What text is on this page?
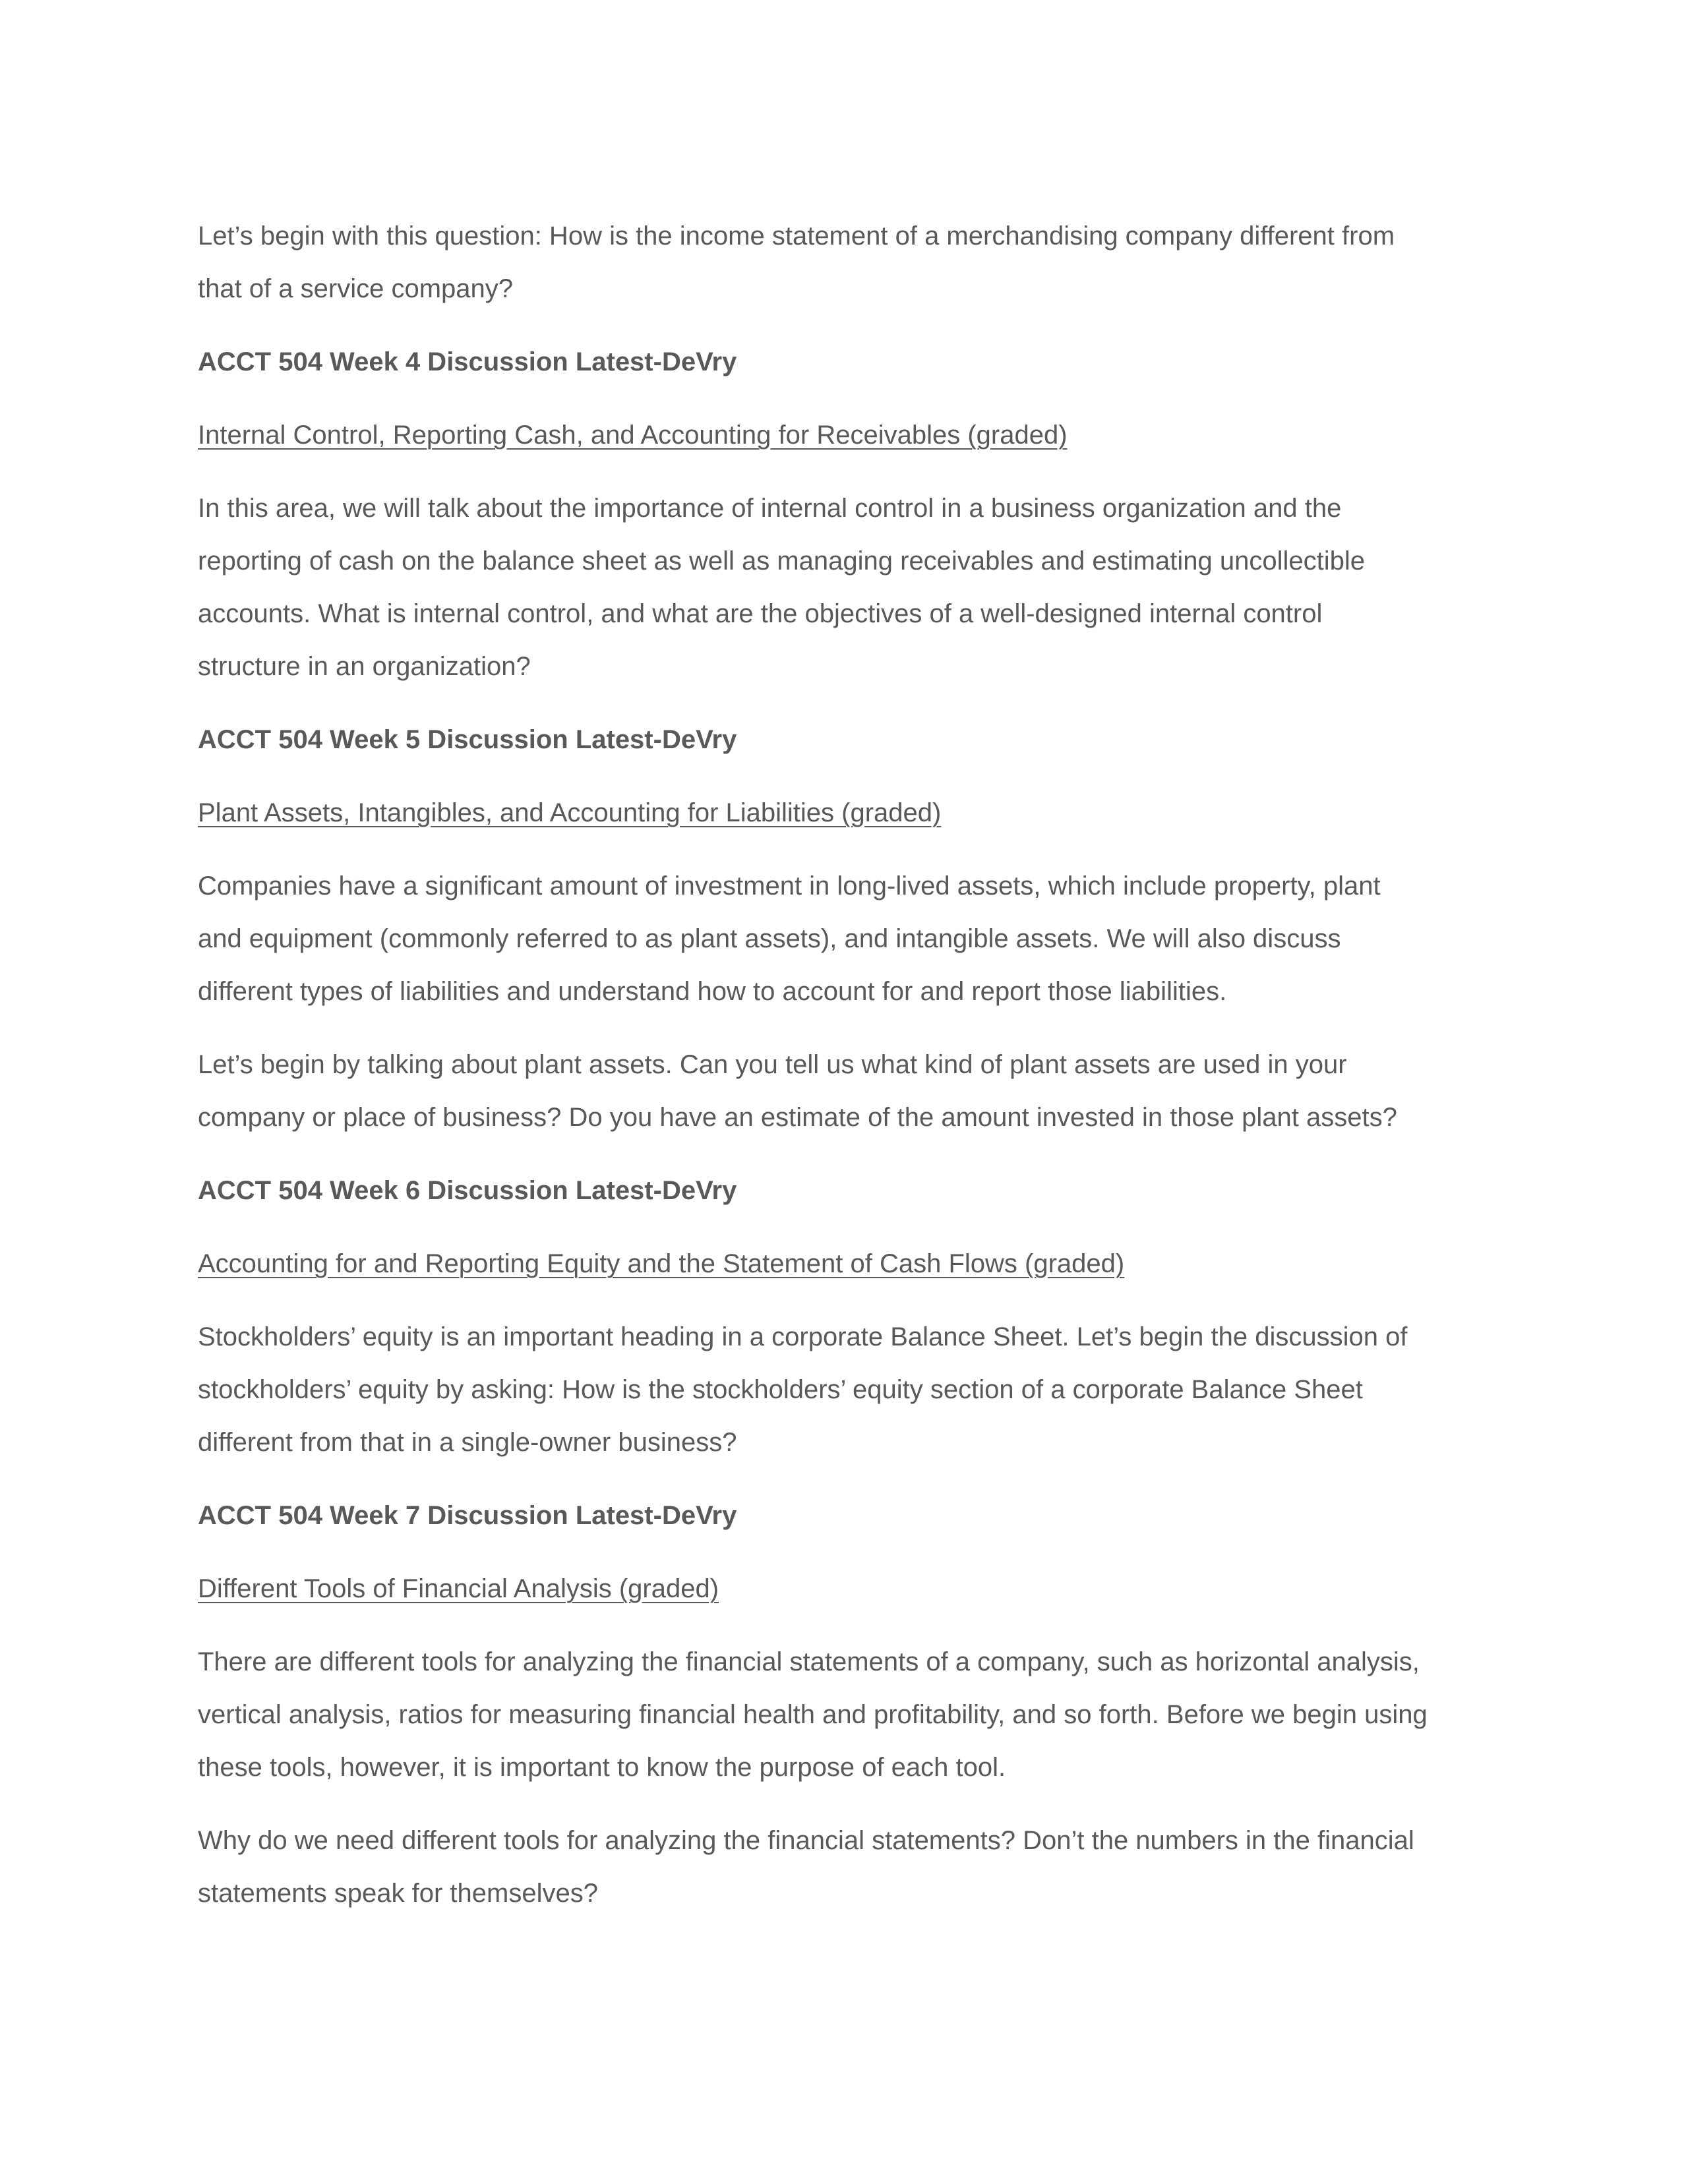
Let’s begin with this question: How is the income statement of a merchandising company different from
that of a service company?
ACCT 504 Week 4 Discussion Latest-DeVry
Internal Control, Reporting Cash, and Accounting for Receivables (graded)
In this area, we will talk about the importance of internal control in a business organization and the
reporting of cash on the balance sheet as well as managing receivables and estimating uncollectible
accounts. What is internal control, and what are the objectives of a well-designed internal control
structure in an organization?
ACCT 504 Week 5 Discussion Latest-DeVry
Plant Assets, Intangibles, and Accounting for Liabilities (graded)
Companies have a significant amount of investment in long-lived assets, which include property, plant
and equipment (commonly referred to as plant assets), and intangible assets. We will also discuss
different types of liabilities and understand how to account for and report those liabilities.
Let’s begin by talking about plant assets. Can you tell us what kind of plant assets are used in your
company or place of business? Do you have an estimate of the amount invested in those plant assets?
ACCT 504 Week 6 Discussion Latest-DeVry
Accounting for and Reporting Equity and the Statement of Cash Flows (graded)
Stockholders’ equity is an important heading in a corporate Balance Sheet. Let’s begin the discussion of
stockholders’ equity by asking: How is the stockholders’ equity section of a corporate Balance Sheet
different from that in a single-owner business?
ACCT 504 Week 7 Discussion Latest-DeVry
Different Tools of Financial Analysis (graded)
There are different tools for analyzing the financial statements of a company, such as horizontal analysis,
vertical analysis, ratios for measuring financial health and profitability, and so forth. Before we begin using
these tools, however, it is important to know the purpose of each tool.
Why do we need different tools for analyzing the financial statements? Don’t the numbers in the financial
statements speak for themselves?
